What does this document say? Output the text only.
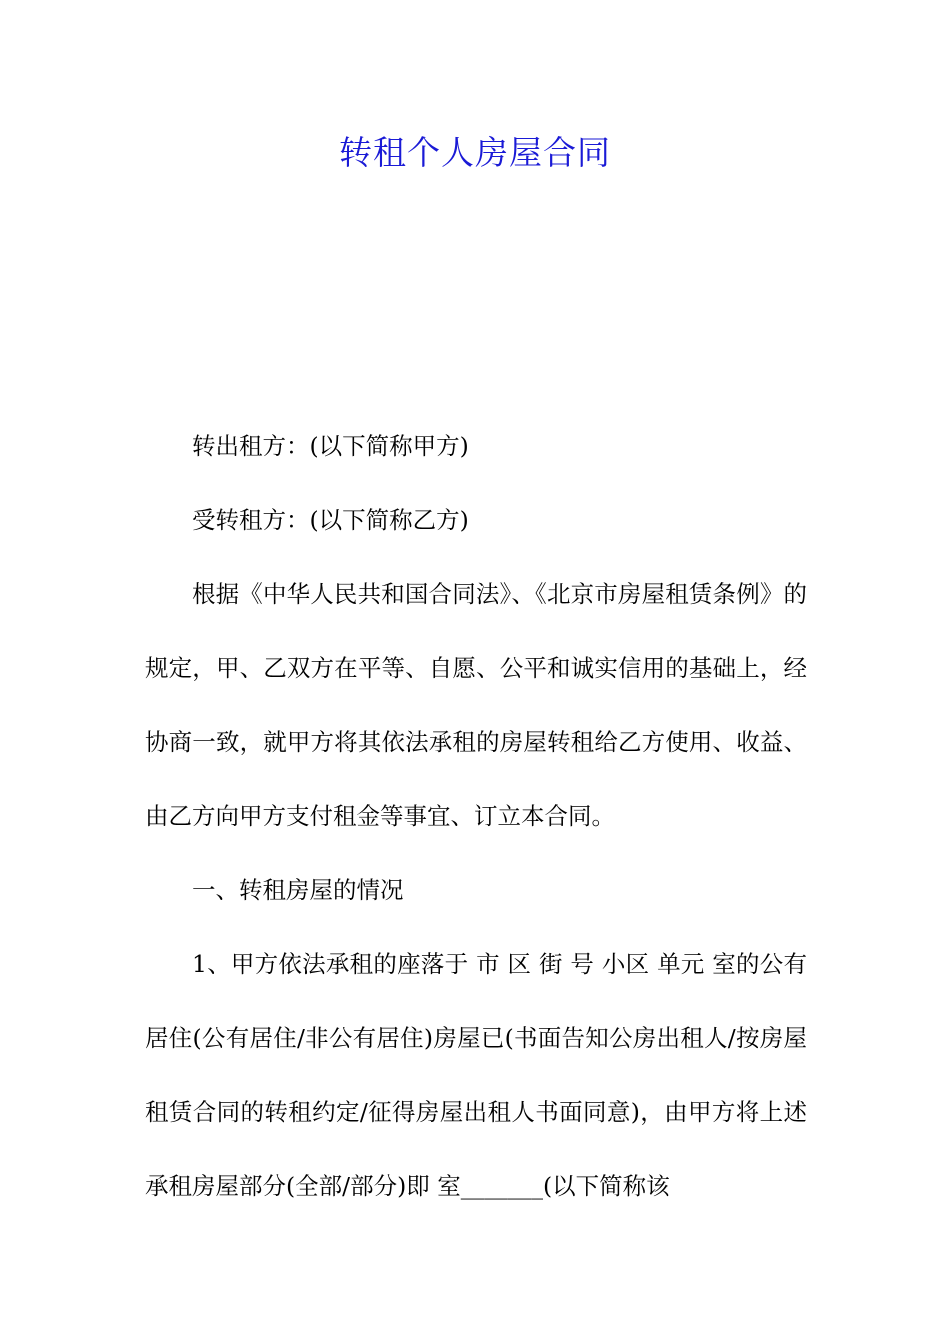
转租个人房屋合同

转出租方：(以下简称甲方)

受转租方：(以下简称乙方)

根据《中华人民共和国合同法》、《北京市房屋租赁条例》的规定，甲、乙双方在平等、自愿、公平和诚实信用的基础上，经协商一致，就甲方将其依法承租的房屋转租给乙方使用、收益、由乙方向甲方支付租金等事宜、订立本合同。

一、转租房屋的情况

1、甲方依法承租的座落于 市 区 街 号 小区 单元 室的公有居住(公有居住/非公有居住)房屋已(书面告知公房出租人/按房屋租赁合同的转租约定/征得房屋出租人书面同意)，由甲方将上述承租房屋部分(全部/部分)即 室_______(以下简称该
